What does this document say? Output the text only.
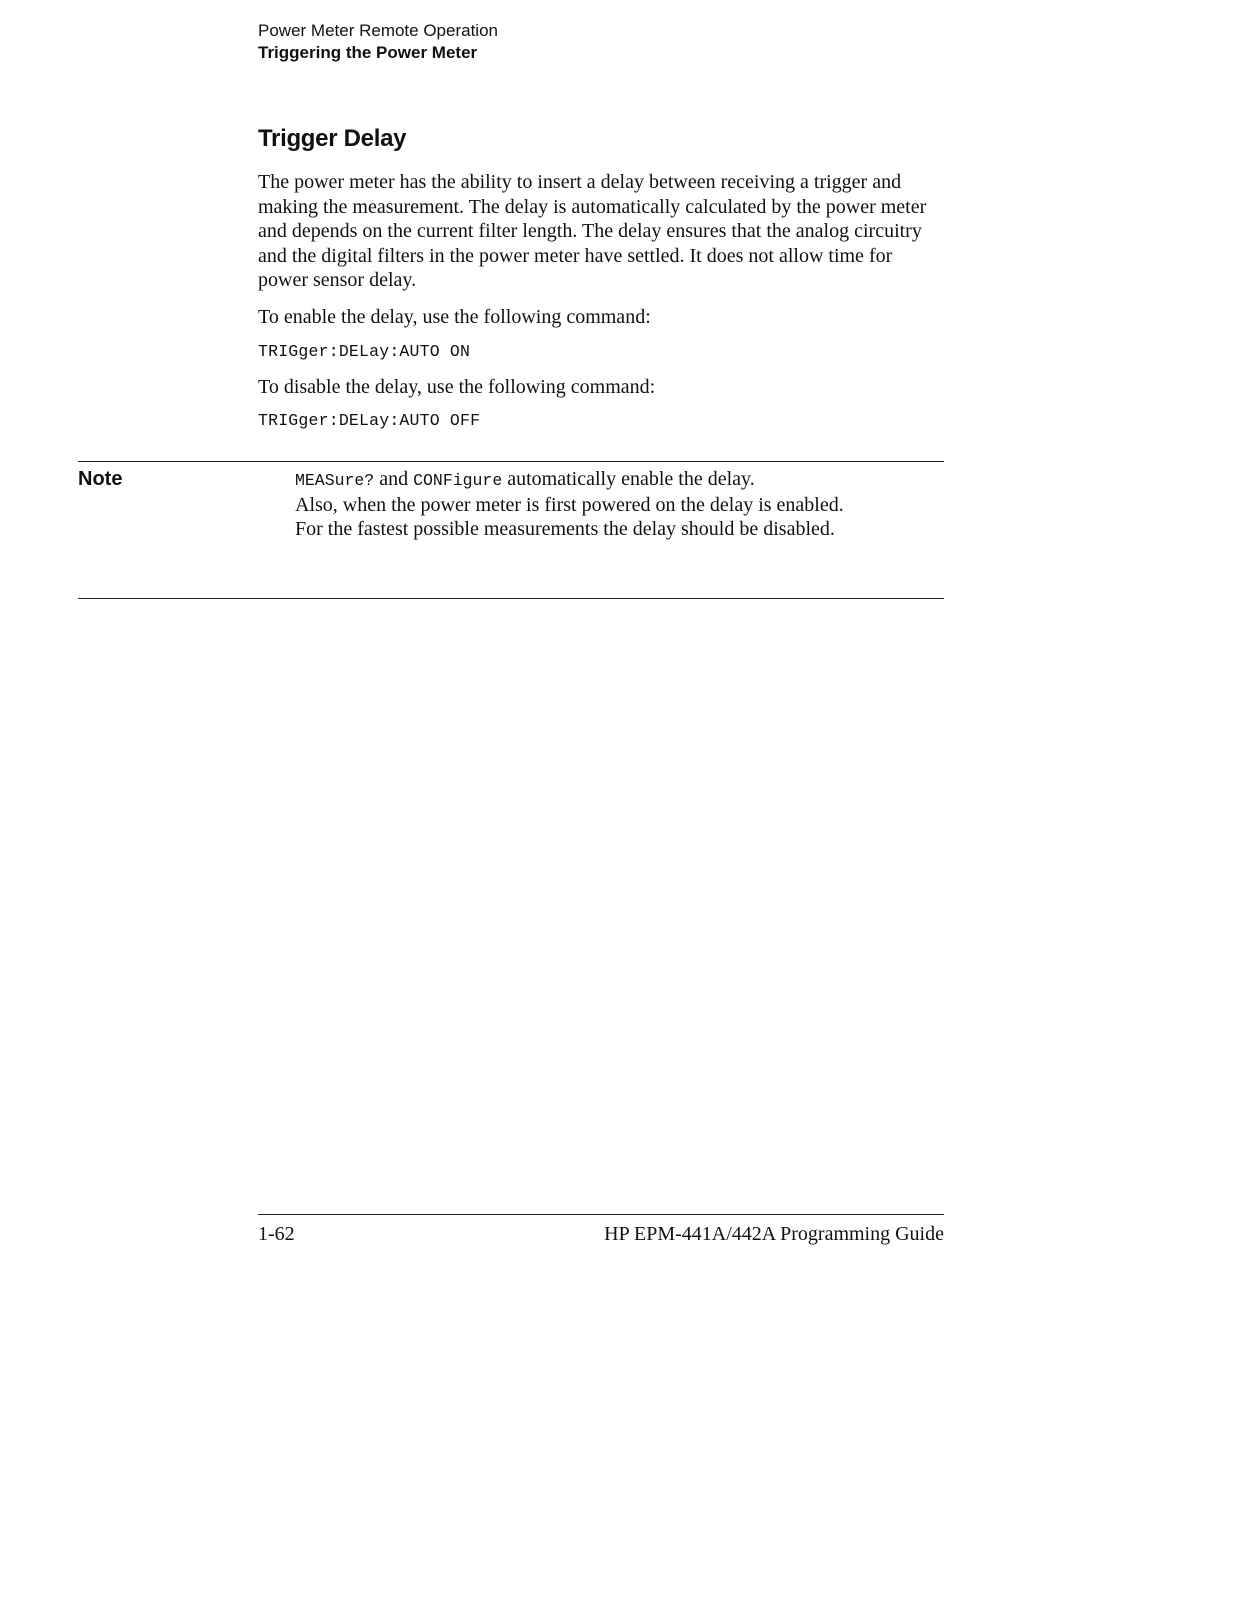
Power Meter Remote Operation
Triggering the Power Meter
Trigger Delay

The power meter has the ability to insert a delay between receiving a trigger and making the measurement. The delay is automatically calculated by the power meter and depends on the current filter length. The delay ensures that the analog circuitry and the digital filters in the power meter have settled. It does not allow time for power sensor delay.

To enable the delay, use the following command:

TRIGger:DELay:AUTO ON

To disable the delay, use the following command:

TRIGger:DELay:AUTO OFF

Note	MEASure? and CONFigure automatically enable the delay.
Also, when the power meter is first powered on the delay is enabled.
For the fastest possible measurements the delay should be disabled.
1-62	HP EPM-441A/442A Programming Guide
